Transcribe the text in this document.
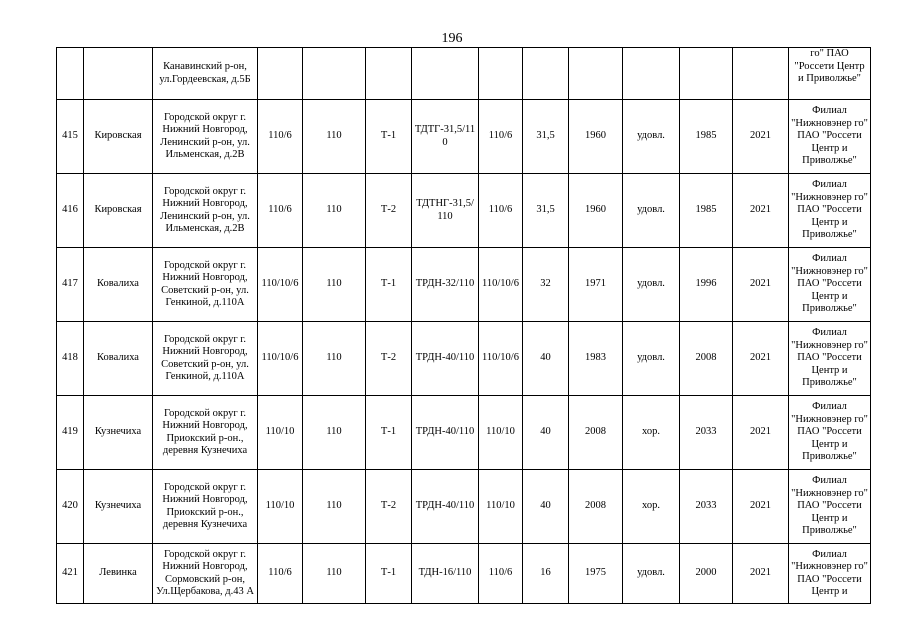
196
		Канавинский р-он, ул.Гордеевская, д.5Б											го" ПАО "Россети Центр и Приволжье"
415	Кировская	Городской округ г. Нижний Новгород, Ленинский р-он, ул. Ильменская, д.2В	110/6	110	Т-1	ТДТГ-31,5/110	110/6	31,5	1960	удовл.	1985	2021	Филиал "Нижновэнер го" ПАО "Россети Центр и Приволжье"
416	Кировская	Городской округ г. Нижний Новгород, Ленинский р-он, ул. Ильменская, д.2В	110/6	110	Т-2	ТДТНГ-31,5/110	110/6	31,5	1960	удовл.	1985	2021	Филиал "Нижновэнер го" ПАО "Россети Центр и Приволжье"
417	Ковалиха	Городской округ г. Нижний Новгород, Советский р-он, ул. Генкиной, д.110А	110/10/6	110	Т-1	ТРДН-32/110	110/10/6	32	1971	удовл.	1996	2021	Филиал "Нижновэнер го" ПАО "Россети Центр и Приволжье"
418	Ковалиха	Городской округ г. Нижний Новгород, Советский р-он, ул. Генкиной, д.110А	110/10/6	110	Т-2	ТРДН-40/110	110/10/6	40	1983	удовл.	2008	2021	Филиал "Нижновэнер го" ПАО "Россети Центр и Приволжье"
419	Кузнечиха	Городской округ г. Нижний Новгород, Приокский р-он., деревня Кузнечиха	110/10	110	Т-1	ТРДН-40/110	110/10	40	2008	хор.	2033	2021	Филиал "Нижновэнер го" ПАО "Россети Центр и Приволжье"
420	Кузнечиха	Городской округ г. Нижний Новгород, Приокский р-он., деревня Кузнечиха	110/10	110	Т-2	ТРДН-40/110	110/10	40	2008	хор.	2033	2021	Филиал "Нижновэнер го" ПАО "Россети Центр и Приволжье"
421	Левинка	Городской округ г. Нижний Новгород, Сормовский р-он, Ул.Щербакова, д.43 А	110/6	110	Т-1	ТДН-16/110	110/6	16	1975	удовл.	2000	2021	Филиал "Нижновэнер го" ПАО "Россети Центр и
